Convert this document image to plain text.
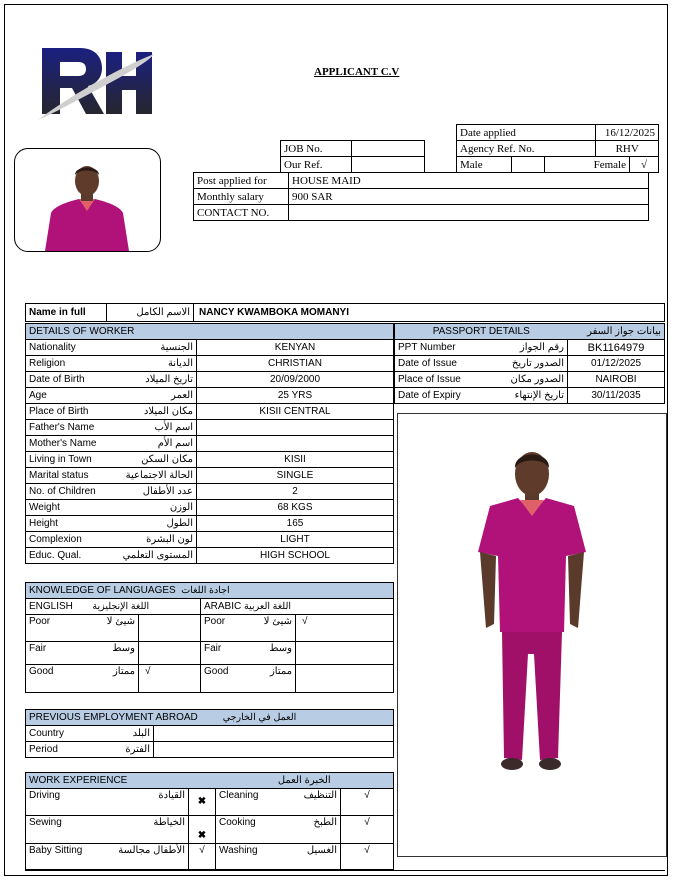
APPLICANT C.V
Date applied			16/12/2025	
Agency Ref. No.			RHV	
Male		Female		√
JOB No.	
Our Ref.	
Post applied for	HOUSE MAID
Monthly salary	900 SAR
CONTACT NO.	
Name in full	الاسم الكامل	NANCY KWAMBOKA MOMANYI
DETAILS OF WORKER		
Nationality	الجنسية	KENYAN
Religion	الديانة	CHRISTIAN
Date of Birth	تاريخ الميلاد	20/09/2000
Age	العمر	25 YRS
Place of Birth	مكان الميلاد	KISII CENTRAL
Father's Name	اسم الأب	
Mother's Name	اسم الأم	
Living in Town	مكان السكن	KISII
Marital status	الحالة الاجتماعية	SINGLE
No. of Children	عدد الأطفال	2
Weight	الوزن	68 KGS
Height	الطول	165
Complexion	لون البشرة	LIGHT
Educ. Qual.	المستوى التعلمي	HIGH SCHOOL
PASSPORT DETAILS		بيانات جواز السفر
PPT Number	رقم الجواز	BK1164979
Date of Issue	الصدور تاريخ	01/12/2025
Place of Issue	الصدور مكان	NAIROBI
Date of Expiry	تاريخ الإنتهاء	30/11/2035
KNOWLEDGE OF LANGUAGES اجادة اللغات					
ENGLISH اللغة الإنجليزية			ARABIC اللغة العربية		
Poor	شيئ لا		Poor	شيئ لا	√
Fair	وسط		Fair	وسط	
Good	ممتاز	√	Good	ممتاز	
PREVIOUS EMPLOYMENT ABROAD العمل في الخارجي		
Country	البلد	
Period	الفترة	
WORK EXPERIENCE			الخبرة العمل		
Driving	القيادة	✖	Cleaning	التنظيف	√
Sewing	الخياطة	✖	Cooking	الطبخ	√
Baby Sitting	الأطفال مجالسة	√	Washing	الغسيل	√
